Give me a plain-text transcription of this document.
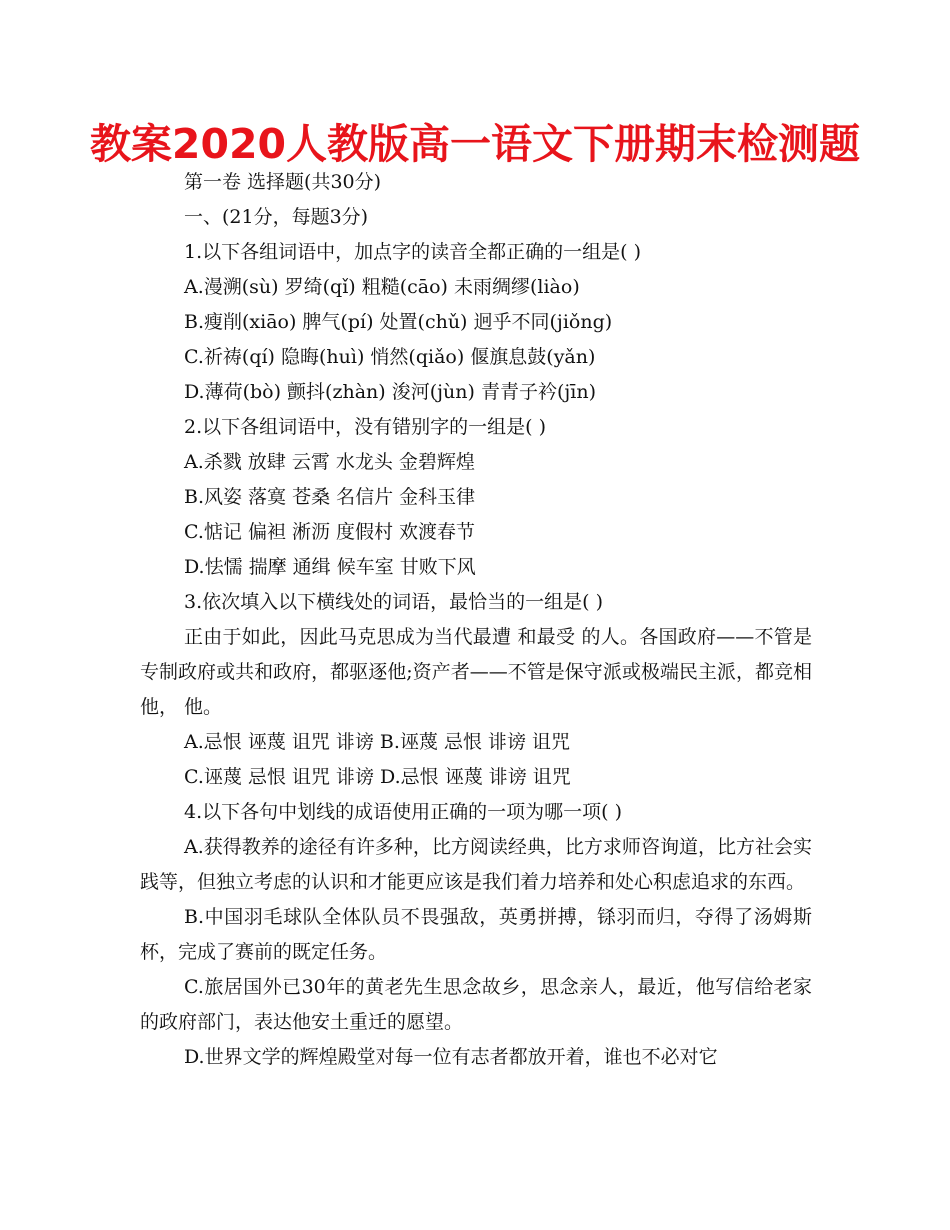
教案2020人教版高一语文下册期末检测题

第一卷 选择题(共30分)

一、(21分，每题3分)

1.以下各组词语中，加点字的读音全都正确的一组是( )

A.漫溯(sù) 罗绮(qǐ) 粗糙(cāo) 未雨绸缪(liào)

B.瘦削(xiāo) 脾气(pí) 处置(chǔ) 迥乎不同(jiǒng)

C.祈祷(qí) 隐晦(huì) 悄然(qiǎo) 偃旗息鼓(yǎn)

D.薄荷(bò) 颤抖(zhàn) 浚河(jùn) 青青子衿(jīn)

2.以下各组词语中，没有错别字的一组是( )

A.杀戮 放肆 云霄 水龙头 金碧辉煌

B.风姿 落寞 苍桑 名信片 金科玉律

C.惦记 偏袒 淅沥 度假村 欢渡春节

D.怯懦 揣摩 通缉 候车室 甘败下风

3.依次填入以下横线处的词语，最恰当的一组是( )

正由于如此，因此马克思成为当代最遭 和最受 的人。各国政府——不管是专制政府或共和政府，都驱逐他;资产者——不管是保守派或极端民主派，都竞相 他， 他。

A.忌恨 诬蔑 诅咒 诽谤 B.诬蔑 忌恨 诽谤 诅咒

C.诬蔑 忌恨 诅咒 诽谤 D.忌恨 诬蔑 诽谤 诅咒

4.以下各句中划线的成语使用正确的一项为哪一项( )

A.获得教养的途径有许多种，比方阅读经典，比方求师咨询道，比方社会实践等，但独立考虑的认识和才能更应该是我们着力培养和处心积虑追求的东西。

B.中国羽毛球队全体队员不畏强敌，英勇拼搏，铩羽而归，夺得了汤姆斯杯，完成了赛前的既定任务。

C.旅居国外已30年的黄老先生思念故乡，思念亲人，最近，他写信给老家的政府部门，表达他安土重迁的愿望。

D.世界文学的辉煌殿堂对每一位有志者都放开着，谁也不必对它
